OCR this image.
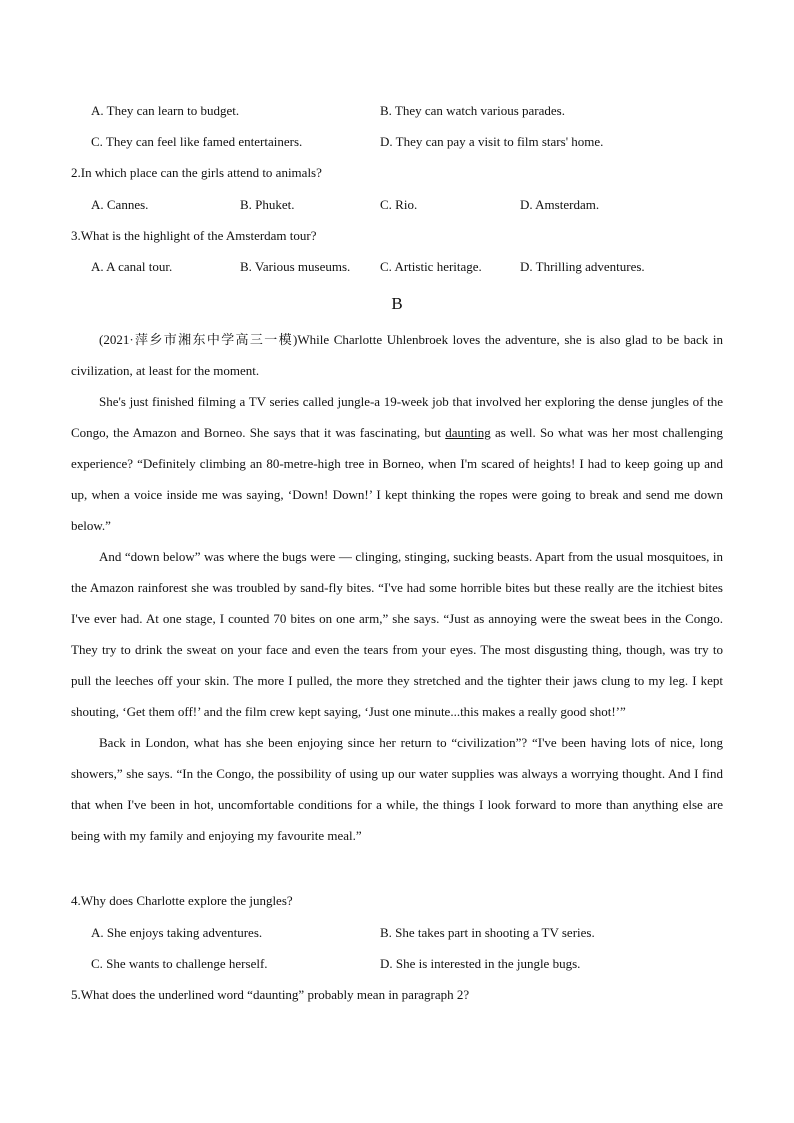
A. They can learn to budget.	B. They can watch various parades.
C. They can feel like famed entertainers.	D. They can pay a visit to film stars' home.
2.In which place can the girls attend to animals?
A. Cannes.	B. Phuket.	C. Rio.	D. Amsterdam.
3.What is the highlight of the Amsterdam tour?
A. A canal tour.	B. Various museums. C. Artistic heritage.	D. Thrilling adventures.
B

(2021·萍乡市湘东中学高三一模)While Charlotte Uhlenbroek loves the adventure, she is also glad to be back in civilization, at least for the moment.

She's just finished filming a TV series called jungle-a 19-week job that involved her exploring the dense jungles of the Congo, the Amazon and Borneo. She says that it was fascinating, but daunting as well. So what was her most challenging experience? “Definitely climbing an 80-metre-high tree in Borneo, when I'm scared of heights! I had to keep going up and up, when a voice inside me was saying, ‘Down! Down!’ I kept thinking the ropes were going to break and send me down below.”

And “down below” was where the bugs were — clinging, stinging, sucking beasts. Apart from the usual mosquitoes, in the Amazon rainforest she was troubled by sand-fly bites. “I've had some horrible bites but these really are the itchiest bites I've ever had. At one stage, I counted 70 bites on one arm,” she says. “Just as annoying were the sweat bees in the Congo. They try to drink the sweat on your face and even the tears from your eyes. The most disgusting thing, though, was try to pull the leeches off your skin. The more I pulled, the more they stretched and the tighter their jaws clung to my leg. I kept shouting, ‘Get them off!’ and the film crew kept saying, ‘Just one minute...this makes a really good shot!’”

Back in London, what has she been enjoying since her return to “civilization”? “I've been having lots of nice, long showers,” she says. “In the Congo, the possibility of using up our water supplies was always a worrying thought. And I find that when I've been in hot, uncomfortable conditions for a while, the things I look forward to more than anything else are being with my family and enjoying my favourite meal.”

4.Why does Charlotte explore the jungles?
A. She enjoys taking adventures.	B. She takes part in shooting a TV series.
C. She wants to challenge herself.	D. She is interested in the jungle bugs.
5.What does the underlined word “daunting” probably mean in paragraph 2?
